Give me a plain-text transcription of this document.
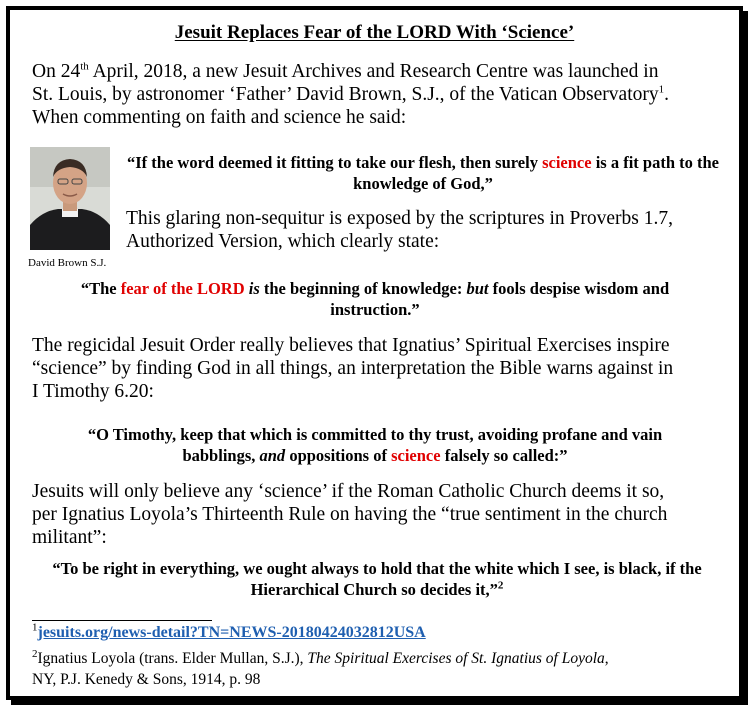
Jesuit Replaces Fear of the LORD With ‘Science’
On 24th April, 2018, a new Jesuit Archives and Research Centre was launched in
St. Louis, by astronomer ‘Father’ David Brown, S.J., of the Vatican Observatory$^1$.
When commenting on faith and science he said:
David Brown S.J.
“If the word deemed it fitting to take our flesh, then surely science is a fit path to the knowledge of God,”
This glaring non-sequitur is exposed by the scriptures in Proverbs 1.7,
Authorized Version, which clearly state:
“The fear of the LORD is the beginning of knowledge: but fools despise wisdom and instruction.”
The regicidal Jesuit Order really believes that Ignatius’ Spiritual Exercises inspire
“science” by finding God in all things, an interpretation the Bible warns against in
I Timothy 6.20:
“O Timothy, keep that which is committed to thy trust, avoiding profane and vain babblings, and oppositions of science falsely so called:”
Jesuits will only believe any ‘science’ if the Roman Catholic Church deems it so,
per Ignatius Loyola’s Thirteenth Rule on having the “true sentiment in the church
militant”:
“To be right in everything, we ought always to hold that the white which I see, is black, if the Hierarchical Church so decides it,”$^2$
$^1$jesuits.org/news-detail?TN=NEWS-20180424032812USA
$^2$Ignatius Loyola (trans. Elder Mullan, S.J.), The Spiritual Exercises of St. Ignatius of Loyola,
NY, P.J. Kenedy & Sons, 1914, p. 98
